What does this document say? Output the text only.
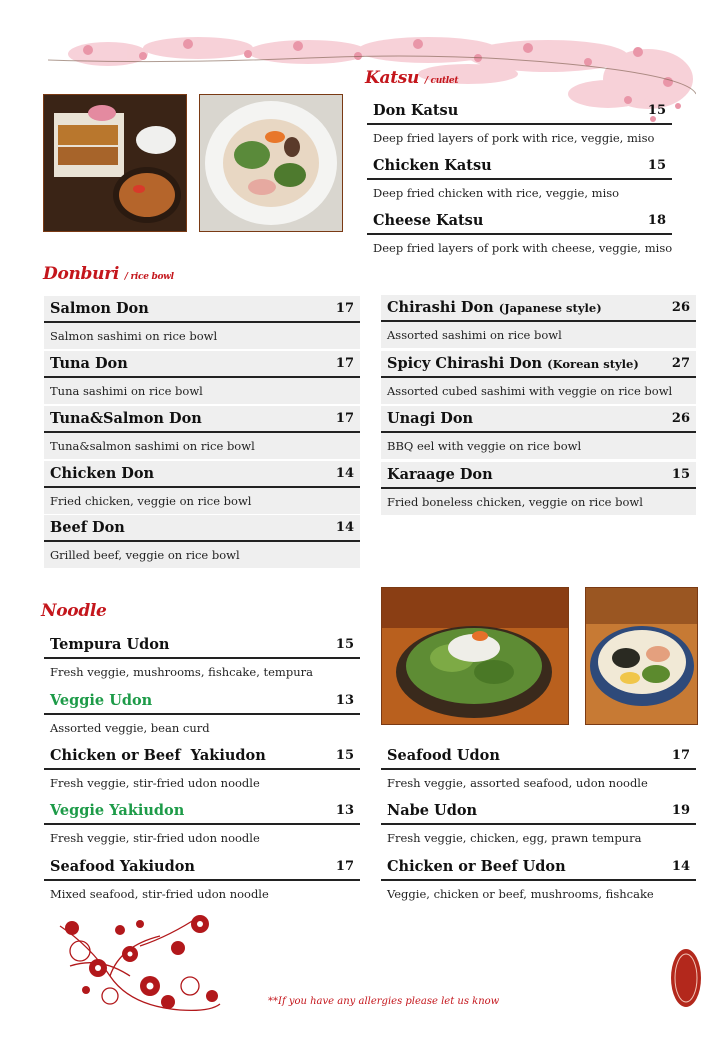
Katsu / cutlet
Don Katsu	15
Deep fried layers of pork with rice, veggie, miso
Chicken Katsu	15
Deep fried chicken with rice, veggie, miso
Cheese Katsu	18
Deep fried layers of pork with cheese, veggie, miso
Donburi / rice bowl
Salmon Don	17
Salmon sashimi on rice bowl
Tuna Don	17
Tuna sashimi on rice bowl
Tuna&Salmon Don	17
Tuna&salmon sashimi on rice bowl
Chicken Don	14
Fried chicken, veggie on rice bowl
Beef Don	14
Grilled beef, veggie on rice bowl
Chirashi Don (Japanese style)	26
Assorted sashimi on rice bowl
Spicy Chirashi Don (Korean style)	27
Assorted cubed sashimi with veggie on rice bowl
Unagi Don	26
BBQ eel with veggie on rice bowl
Karaage Don	15
Fried boneless chicken, veggie on rice bowl
Noodle
Tempura Udon	15
Fresh veggie, mushrooms, fishcake, tempura
Veggie Udon	13
Assorted veggie, bean curd
Chicken or Beef  Yakiudon	15
Fresh veggie, stir-fried udon noodle
Veggie Yakiudon	13
Fresh veggie, stir-fried udon noodle
Seafood Yakiudon	17
Mixed seafood, stir-fried udon noodle
Seafood Udon	17
Fresh veggie, assorted seafood, udon noodle
Nabe Udon	19
Fresh veggie, chicken, egg, prawn tempura
Chicken or Beef Udon	14
Veggie, chicken or beef, mushrooms, fishcake
**If you have any allergies please let us know
